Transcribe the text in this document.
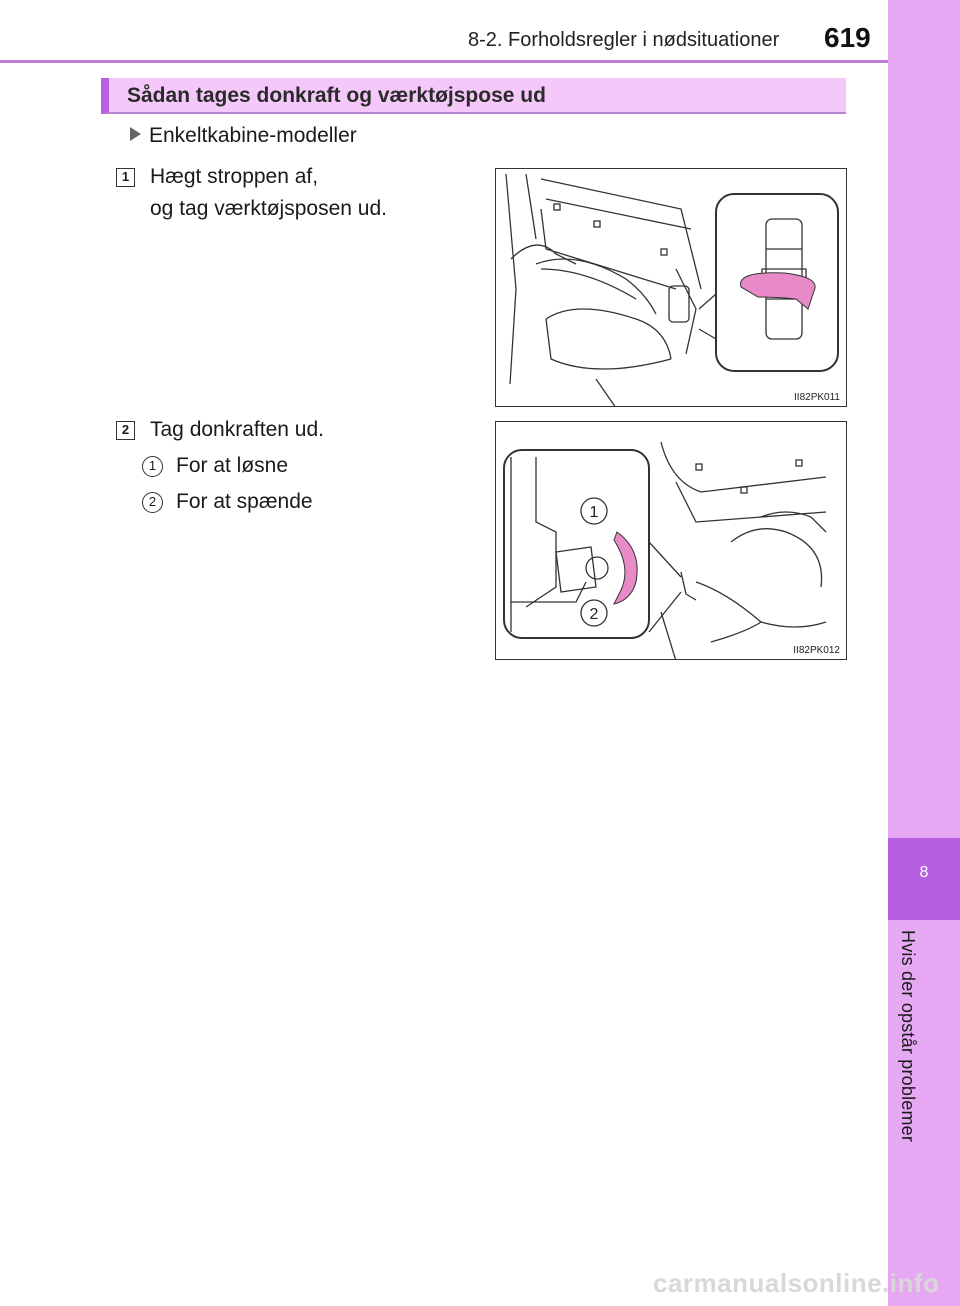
8
Hvis der opstår problemer
8-2. Forholdsregler i nødsituationer 619
Sådan tages donkraft og værktøjspose ud
Enkeltkabine-modeller
1 Hægt stroppen af,
og tag værktøjsposen ud.
II82PK011
2 Tag donkraften ud.
1 For at løsne
2 For at spænde	1
2
II82PK012
carmanualsonline.info
